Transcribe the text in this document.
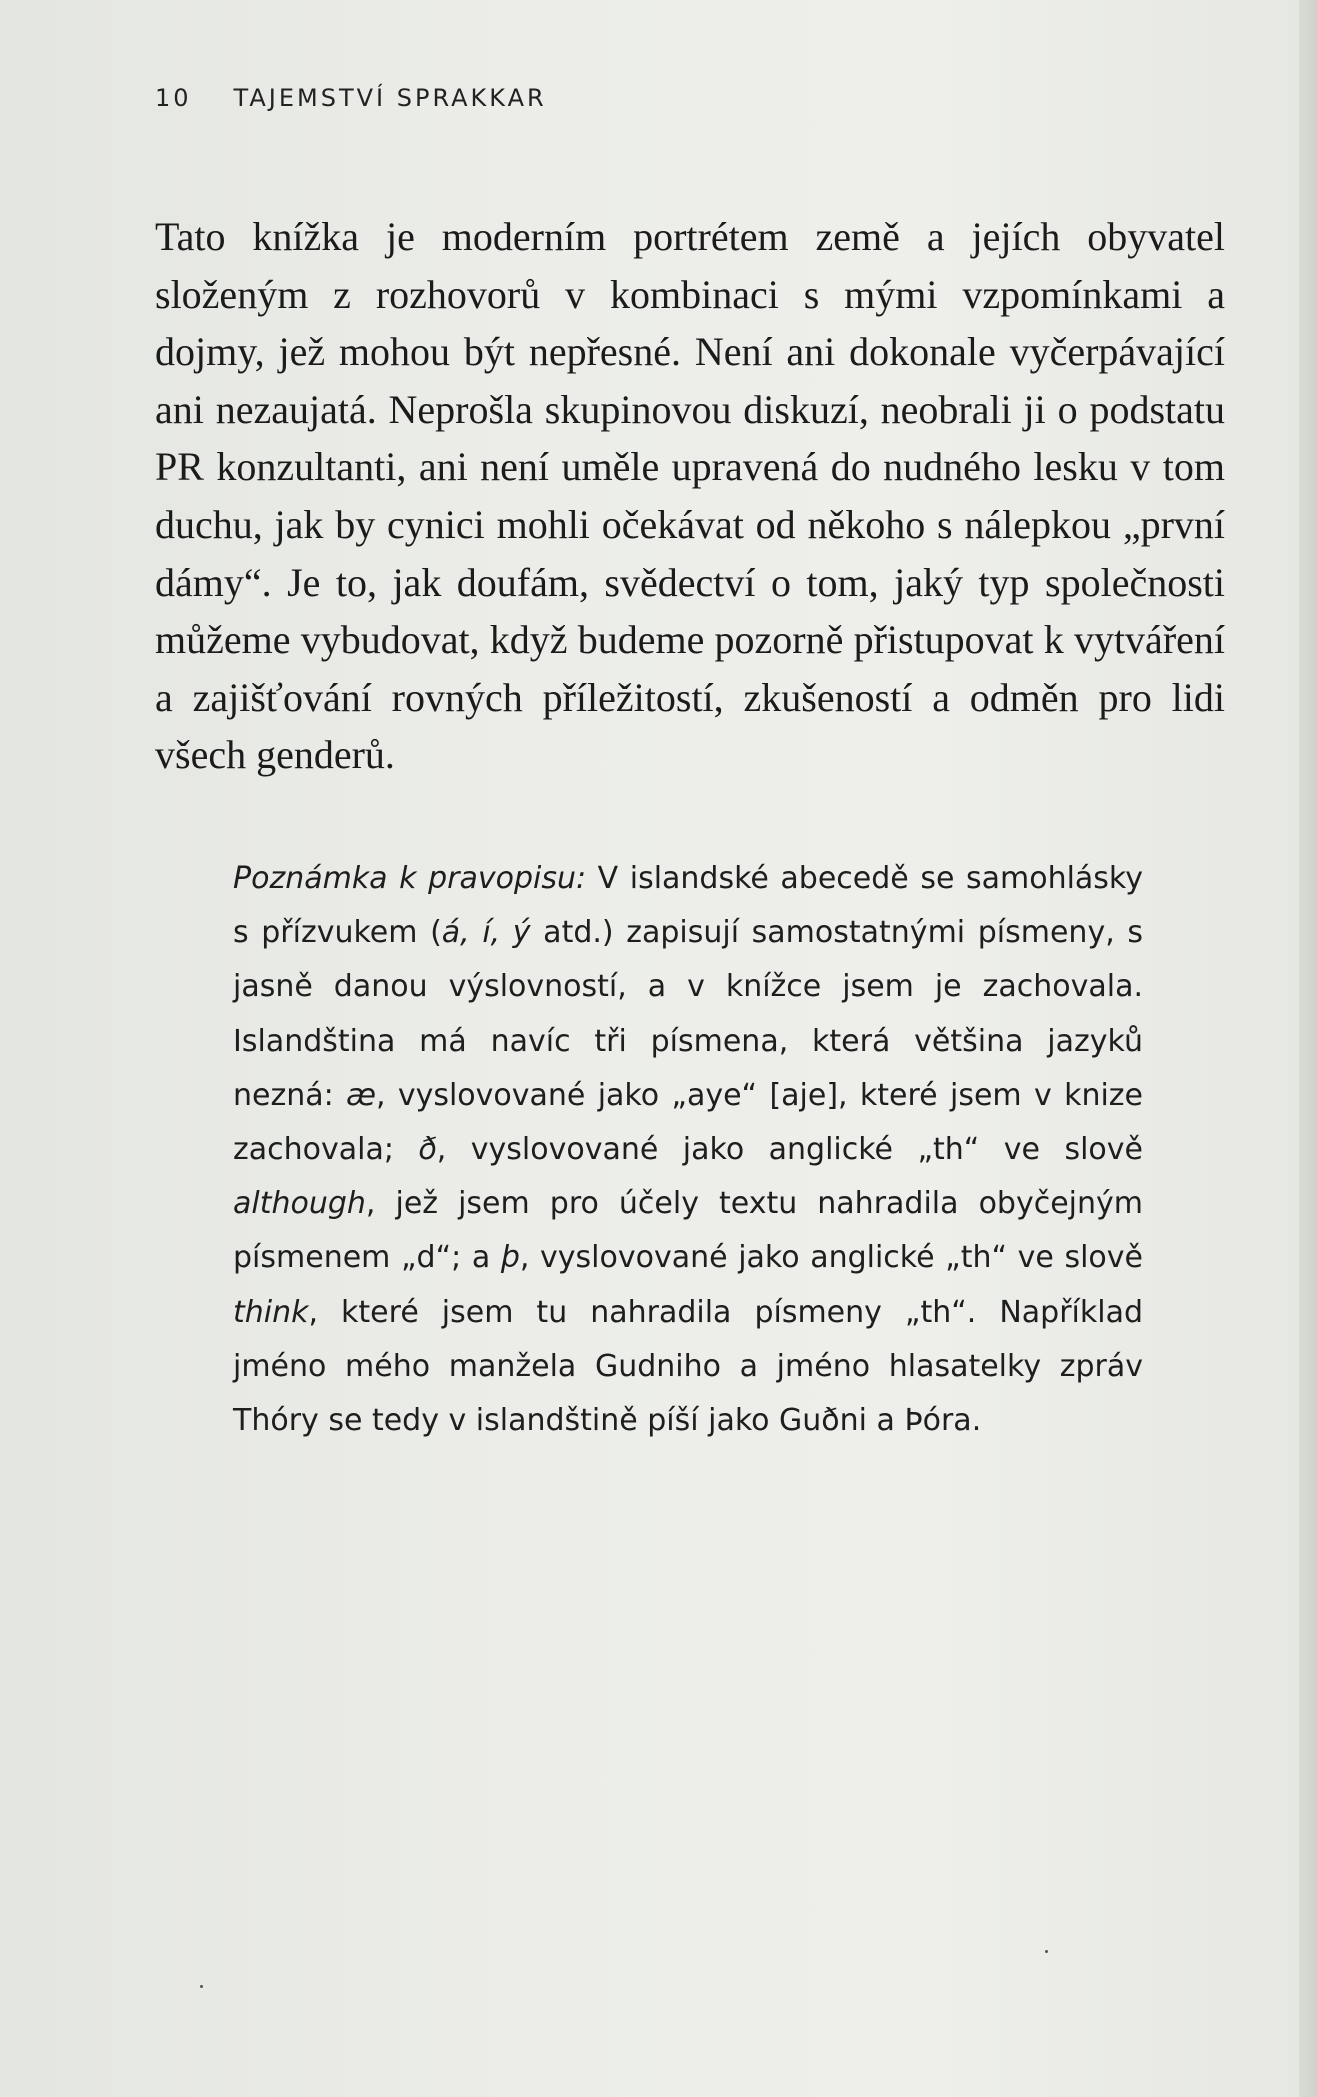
10 TAJEMSTVÍ SPRAKKAR
Tato knížka je moderním portrétem země a jejích obyvatel složeným z rozhovorů v kombinaci s mými vzpomínkami a dojmy, jež mohou být nepřesné. Není ani dokonale vyčerpávající ani nezaujatá. Neprošla skupinovou diskuzí, neobrali ji o podstatu PR konzultanti, ani není uměle upravená do nudného lesku v tom duchu, jak by cynici mohli očekávat od někoho s nálepkou „první dámy“. Je to, jak doufám, svědectví o tom, jaký typ společnosti můžeme vybudovat, když budeme pozorně přistupovat k vytváření a zajišťování rovných příležitostí, zkušeností a odměn pro lidi všech genderů.
Poznámka k pravopisu: V islandské abecedě se samohlásky s přízvukem (á, í, ý atd.) zapisují samostatnými písmeny, s jasně danou výslovností, a v knížce jsem je zachovala. Islandština má navíc tři písmena, která většina jazyků nezná: æ, vyslovované jako „aye“ [aje], které jsem v knize zachovala; ð, vyslovované jako anglické „th“ ve slově although, jež jsem pro účely textu nahradila obyčejným písmenem „d“; a þ, vyslovované jako anglické „th“ ve slově think, které jsem tu nahradila písmeny „th“. Například jméno mého manžela Gudniho a jméno hlasatelky zpráv Thóry se tedy v islandštině píší jako Guðni a Þóra.
